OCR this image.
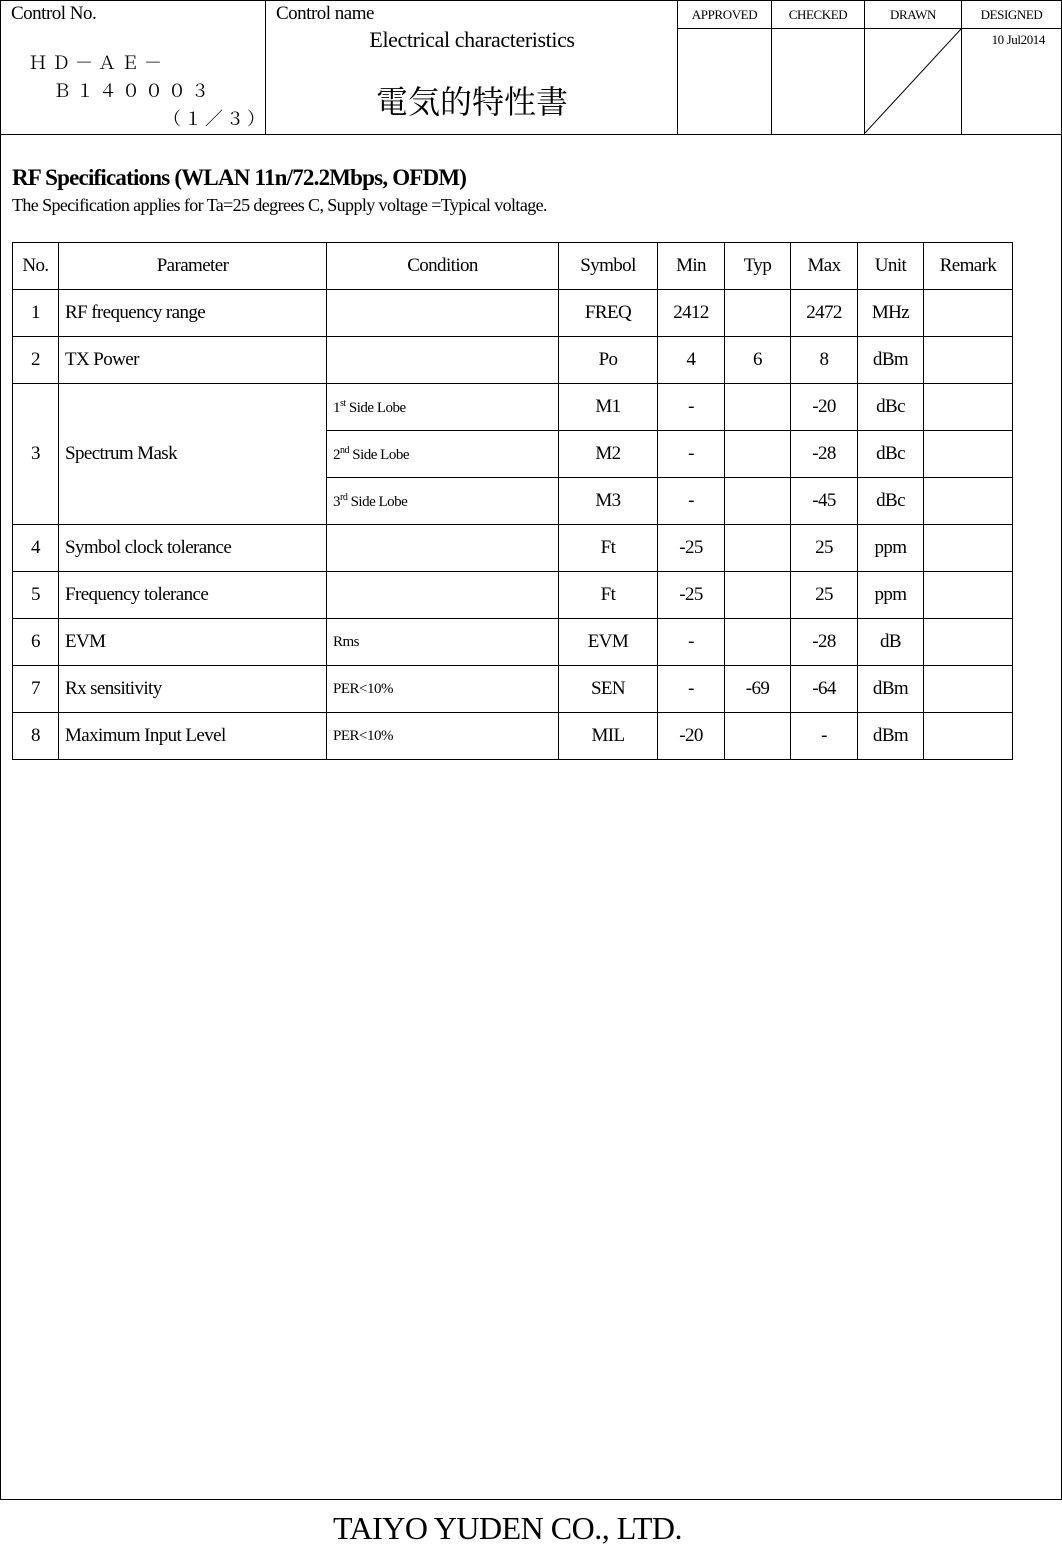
Control No.
ＨＤ－ＡＥ－
Ｂ１４０００３
（１／３）
Control name
Electrical characteristics
電気的特性書
APPROVED	CHECKED	DRAWN	DESIGNED
10 Jul2014
RF Specifications (WLAN 11n/72.2Mbps, OFDM)
The Specification applies for Ta=25 degrees C, Supply voltage =Typical voltage.
No.	Parameter	Condition	Symbol	Min	Typ	Max	Unit	Remark
1	RF frequency range		FREQ	2412		2472	MHz	
2	TX Power		Po	4	6	8	dBm	
3	Spectrum Mask	1st Side Lobe	M1	-		-20	dBc	
		2nd Side Lobe	M2	-		-28	dBc	
		3rd Side Lobe	M3	-		-45	dBc	
4	Symbol clock tolerance		Ft	-25		25	ppm	
5	Frequency tolerance		Ft	-25		25	ppm	
6	EVM	Rms	EVM	-		-28	dB	
7	Rx sensitivity	PER<10%	SEN	-	-69	-64	dBm	
8	Maximum Input Level	PER<10%	MIL	-20		-	dBm	
TAIYO YUDEN CO., LTD.
